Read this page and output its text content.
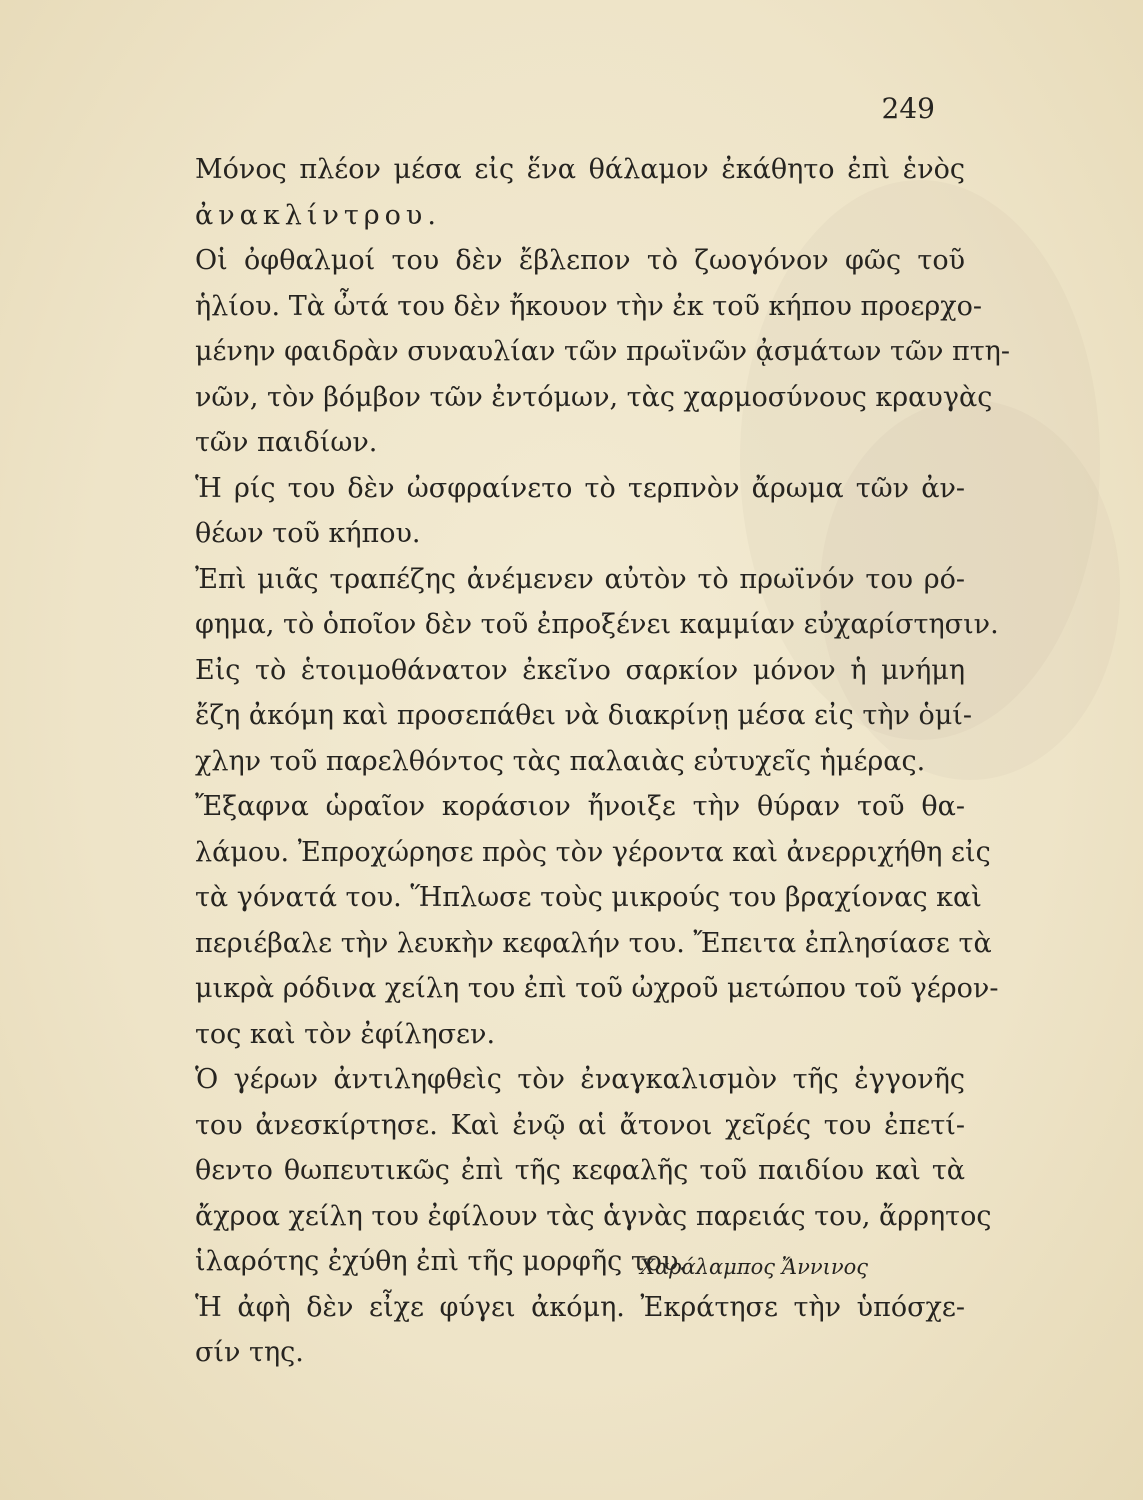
249

Μόνος πλέον μέσα εἰς ἕνα θάλαμον ἐκάθητο ἐπὶ ἑνὸς
ἀνακλίντρου.

Οἱ ὀφθαλμοί του δὲν ἔβλεπον τὸ ζωογόνον φῶς τοῦ
ἡλίου. Τὰ ὦτά του δὲν ἤκουον τὴν ἐκ τοῦ κήπου προερχο-
μένην φαιδρὰν συναυλίαν τῶν πρωϊνῶν ᾀσμάτων τῶν πτη-
νῶν, τὸν βόμβον τῶν ἐντόμων, τὰς χαρμοσύνους κραυγὰς
τῶν παιδίων.

Ἡ ρίς του δὲν ὠσφραίνετο τὸ τερπνὸν ἄρωμα τῶν ἀν-
θέων τοῦ κήπου.

Ἐπὶ μιᾶς τραπέζης ἀνέμενεν αὐτὸν τὸ πρωϊνόν του ρό-
φημα, τὸ ὁποῖον δὲν τοῦ ἐπροξένει καμμίαν εὐχαρίστησιν.

Εἰς τὸ ἑτοιμοθάνατον ἐκεῖνο σαρκίον μόνον ἡ μνήμη
ἔζη ἀκόμη καὶ προσεπάθει νὰ διακρίνῃ μέσα εἰς τὴν ὁμί-
χλην τοῦ παρελθόντος τὰς παλαιὰς εὐτυχεῖς ἡμέρας.

Ἔξαφνα ὡραῖον κοράσιον ἤνοιξε τὴν θύραν τοῦ θα-
λάμου. Ἐπροχώρησε πρὸς τὸν γέροντα καὶ ἀνερριχήθη εἰς
τὰ γόνατά του. Ἥπλωσε τοὺς μικρούς του βραχίονας καὶ
περιέβαλε τὴν λευκὴν κεφαλήν του. Ἔπειτα ἐπλησίασε τὰ
μικρὰ ρόδινα χείλη του ἐπὶ τοῦ ὠχροῦ μετώπου τοῦ γέρον-
τος καὶ τὸν ἐφίλησεν.

Ὁ γέρων ἀντιληφθεὶς τὸν ἐναγκαλισμὸν τῆς ἐγγονῆς
του ἀνεσκίρτησε. Καὶ ἐνῷ αἱ ἄτονοι χεῖρές του ἐπετί-
θεντο θωπευτικῶς ἐπὶ τῆς κεφαλῆς τοῦ παιδίου καὶ τὰ
ἄχροα χείλη του ἐφίλουν τὰς ἁγνὰς παρειάς του, ἄρρητος
ἱλαρότης ἐχύθη ἐπὶ τῆς μορφῆς του.

Ἡ ἀφὴ δὲν εἶχε φύγει ἀκόμη. Ἐκράτησε τὴν ὑπόσχε-
σίν της.

Χαράλαμπος Ἄννινος
